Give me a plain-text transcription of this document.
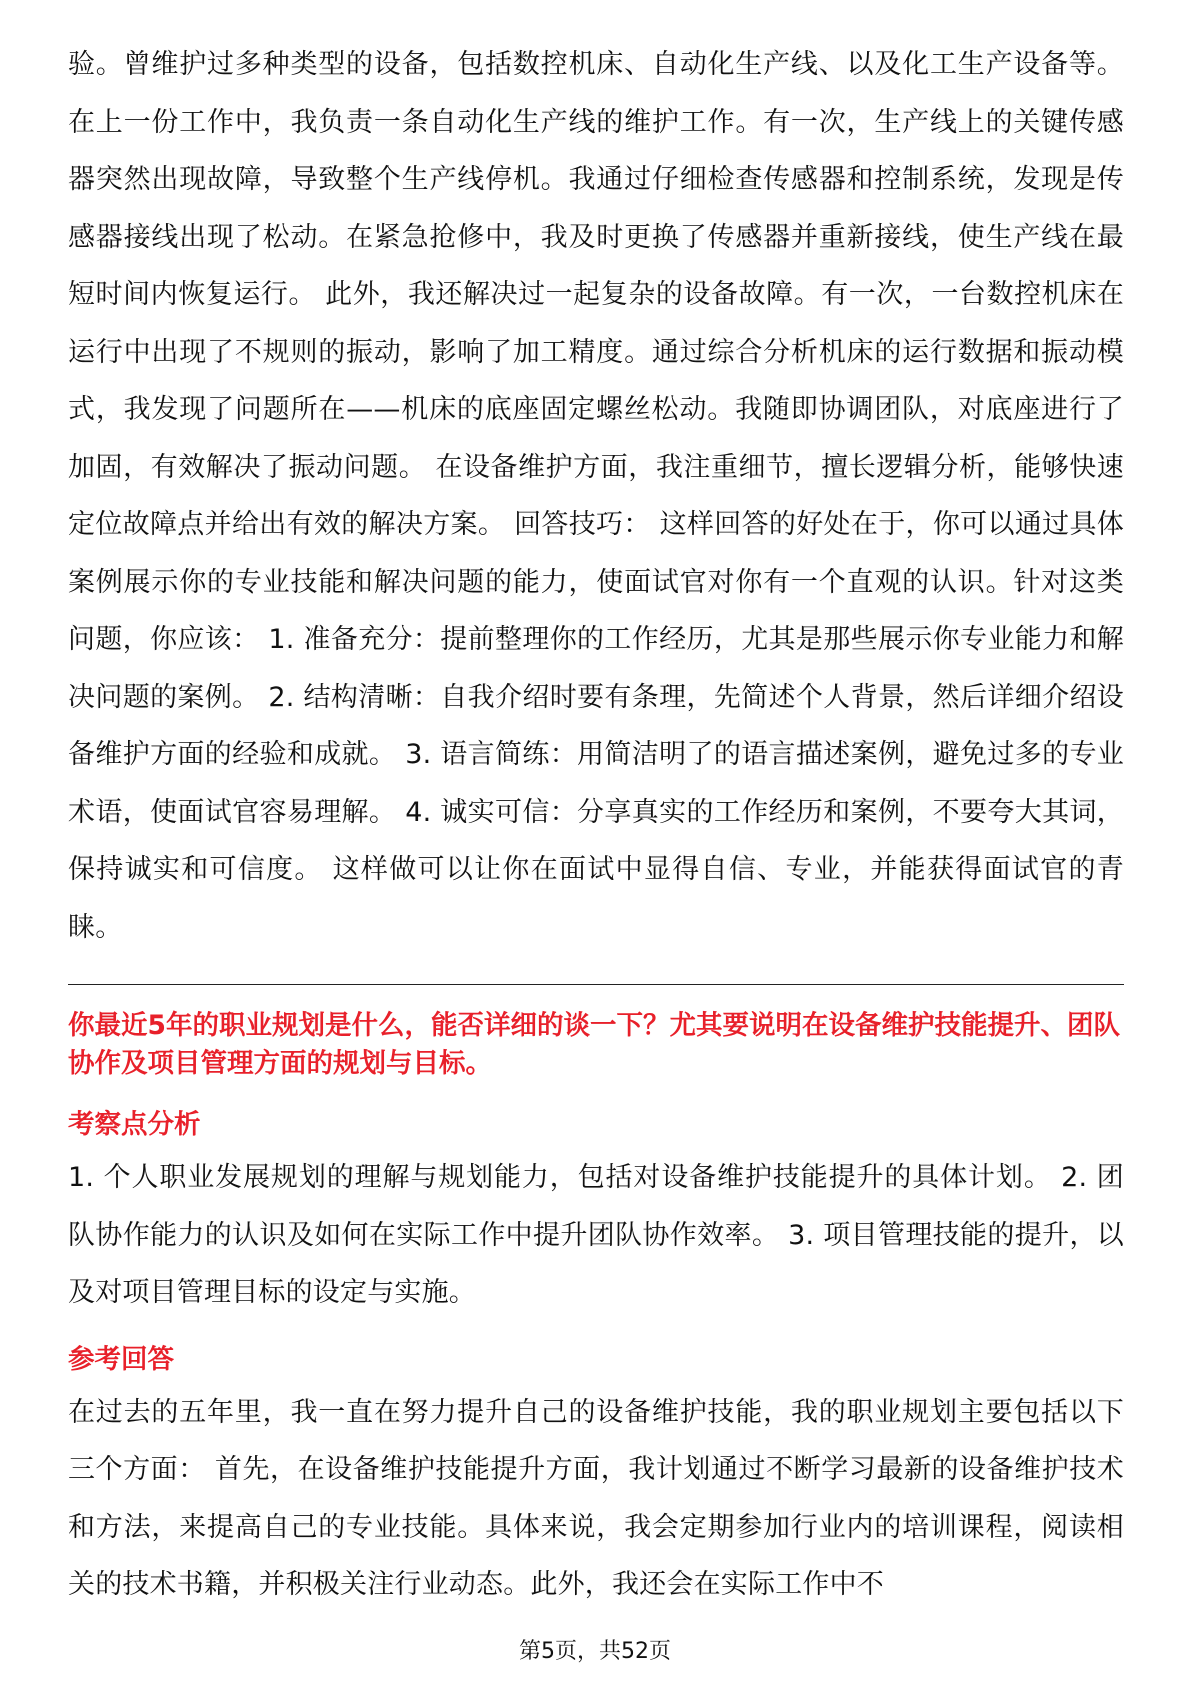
验。曾维护过多种类型的设备，包括数控机床、自动化生产线、以及化工生产设备等。在上一份工作中，我负责一条自动化生产线的维护工作。有一次，生产线上的关键传感器突然出现故障，导致整个生产线停机。我通过仔细检查传感器和控制系统，发现是传感器接线出现了松动。在紧急抢修中，我及时更换了传感器并重新接线，使生产线在最短时间内恢复运行。 此外，我还解决过一起复杂的设备故障。有一次，一台数控机床在运行中出现了不规则的振动，影响了加工精度。通过综合分析机床的运行数据和振动模式，我发现了问题所在——机床的底座固定螺丝松动。我随即协调团队，对底座进行了加固，有效解决了振动问题。 在设备维护方面，我注重细节，擅长逻辑分析，能够快速定位故障点并给出有效的解决方案。 回答技巧： 这样回答的好处在于，你可以通过具体案例展示你的专业技能和解决问题的能力，使面试官对你有一个直观的认识。针对这类问题，你应该： 1. 准备充分：提前整理你的工作经历，尤其是那些展示你专业能力和解决问题的案例。 2. 结构清晰：自我介绍时要有条理，先简述个人背景，然后详细介绍设备维护方面的经验和成就。 3. 语言简练：用简洁明了的语言描述案例，避免过多的专业术语，使面试官容易理解。 4. 诚实可信：分享真实的工作经历和案例，不要夸大其词，保持诚实和可信度。 这样做可以让你在面试中显得自信、专业，并能获得面试官的青睐。

你最近5年的职业规划是什么，能否详细的谈一下？尤其要说明在设备维护技能提升、团队协作及项目管理方面的规划与目标。

考察点分析

1. 个人职业发展规划的理解与规划能力，包括对设备维护技能提升的具体计划。 2. 团队协作能力的认识及如何在实际工作中提升团队协作效率。 3. 项目管理技能的提升，以及对项目管理目标的设定与实施。

参考回答

在过去的五年里，我一直在努力提升自己的设备维护技能，我的职业规划主要包括以下三个方面： 首先，在设备维护技能提升方面，我计划通过不断学习最新的设备维护技术和方法，来提高自己的专业技能。具体来说，我会定期参加行业内的培训课程，阅读相关的技术书籍，并积极关注行业动态。此外，我还会在实际工作中不

第5页，共52页
